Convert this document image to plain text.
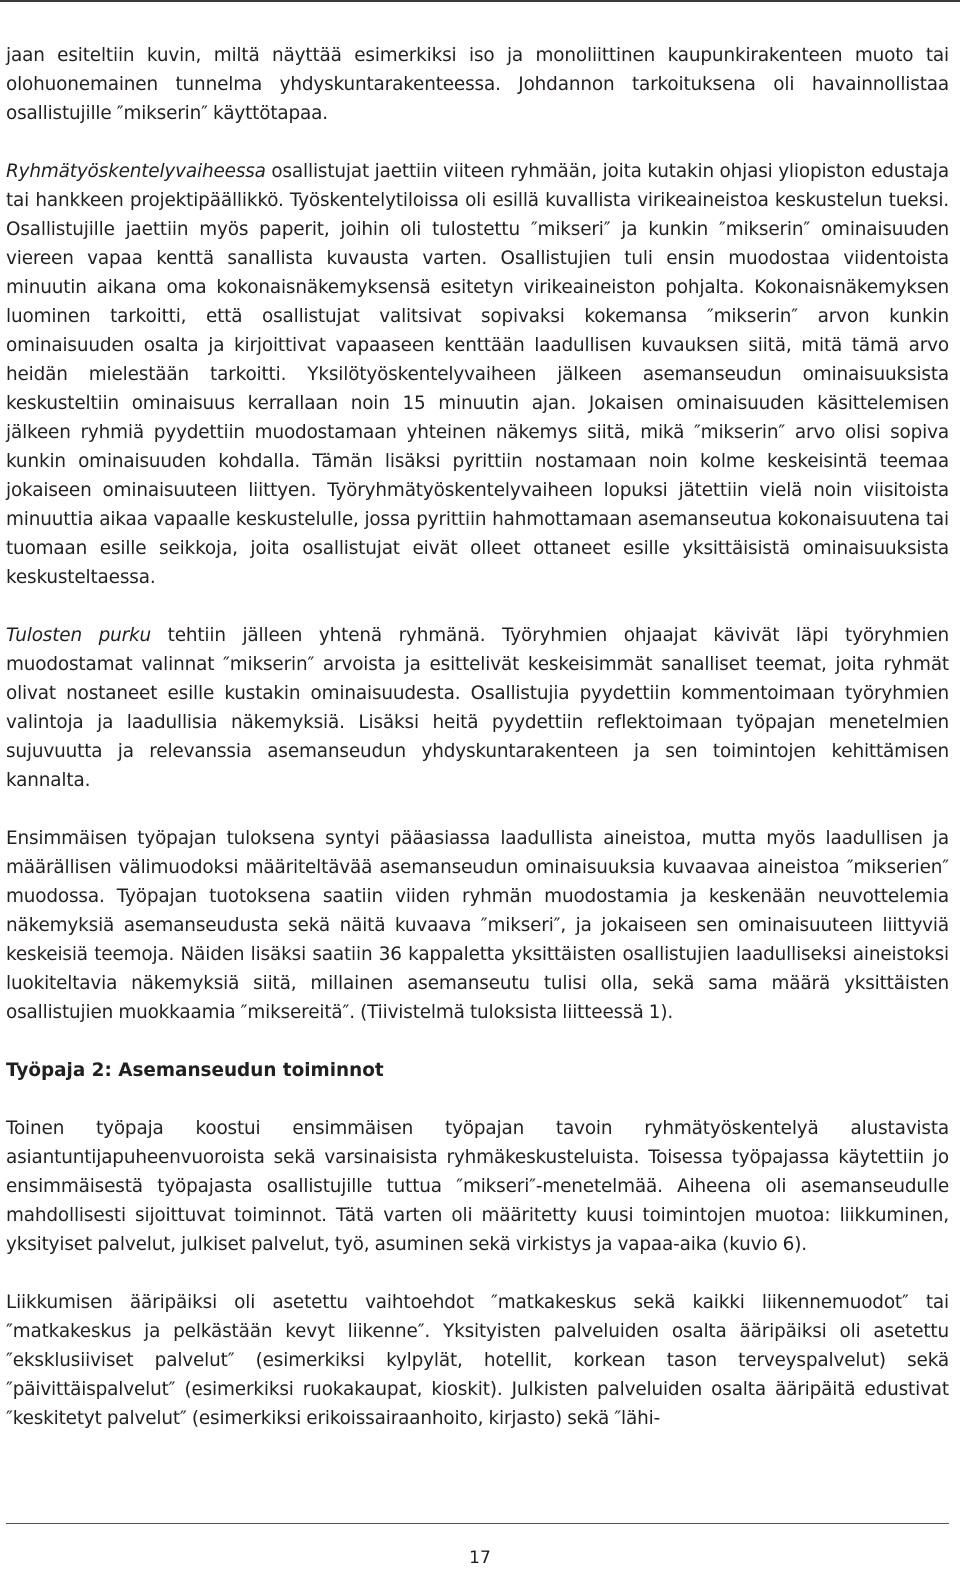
jaan esiteltiin kuvin, miltä näyttää esimerkiksi iso ja monoliittinen kaupunkirakenteen muoto tai olohuonemainen tunnelma yhdyskuntarakenteessa. Johdannon tarkoituksena oli havainnollistaa osallistujille ″mikserin″ käyttötapaa.

Ryhmätyöskentelyvaiheessa osallistujat jaettiin viiteen ryhmään, joita kutakin ohjasi yliopiston edustaja tai hankkeen projektipäällikkö. Työskentelytiloissa oli esillä kuvallista virikeaineistoa keskustelun tueksi. Osallistujille jaettiin myös paperit, joihin oli tulostettu ″mikseri″ ja kunkin ″mikserin″ ominaisuuden viereen vapaa kenttä sanallista kuvausta varten. Osallistujien tuli ensin muodostaa viidentoista minuutin aikana oma kokonaisnäkemyksensä esitetyn virikeaineiston pohjalta. Kokonaisnäkemyksen luominen tarkoitti, että osallistujat valitsivat sopivaksi kokemansa ″mikserin″ arvon kunkin ominaisuuden osalta ja kirjoittivat vapaaseen kenttään laadullisen kuvauksen siitä, mitä tämä arvo heidän mielestään tarkoitti. Yksilötyöskentelyvaiheen jälkeen asemanseudun ominaisuuksista keskusteltiin ominaisuus kerrallaan noin 15 minuutin ajan. Jokaisen ominaisuuden käsittelemisen jälkeen ryhmiä pyydettiin muodostamaan yhteinen näkemys siitä, mikä ″mikserin″ arvo olisi sopiva kunkin ominaisuuden kohdalla. Tämän lisäksi pyrittiin nostamaan noin kolme keskeisintä teemaa jokaiseen ominaisuuteen liittyen. Työryhmätyöskentelyvaiheen lopuksi jätettiin vielä noin viisitoista minuuttia aikaa vapaalle keskustelulle, jossa pyrittiin hahmottamaan asemanseutua kokonaisuutena tai tuomaan esille seikkoja, joita osallistujat eivät olleet ottaneet esille yksittäisistä ominaisuuksista keskusteltaessa.

Tulosten purku tehtiin jälleen yhtenä ryhmänä. Työryhmien ohjaajat kävivät läpi työryhmien muodostamat valinnat ″mikserin″ arvoista ja esittelivät keskeisimmät sanalliset teemat, joita ryhmät olivat nostaneet esille kustakin ominaisuudesta. Osallistujia pyydettiin kommentoimaan työryhmien valintoja ja laadullisia näkemyksiä. Lisäksi heitä pyydettiin reflektoimaan työpajan menetelmien sujuvuutta ja relevanssia asemanseudun yhdyskuntarakenteen ja sen toimintojen kehittämisen kannalta.

Ensimmäisen työpajan tuloksena syntyi pääasiassa laadullista aineistoa, mutta myös laadullisen ja määrällisen välimuodoksi määriteltävää asemanseudun ominaisuuksia kuvaavaa aineistoa ″mikserien″ muodossa. Työpajan tuotoksena saatiin viiden ryhmän muodostamia ja keskenään neuvottelemia näkemyksiä asemanseudusta sekä näitä kuvaava ″mikseri″, ja jokaiseen sen ominaisuuteen liittyviä keskeisiä teemoja. Näiden lisäksi saatiin 36 kappaletta yksittäisten osallistujien laadulliseksi aineistoksi luokiteltavia näkemyksiä siitä, millainen asemanseutu tulisi olla, sekä sama määrä yksittäisten osallistujien muokkaamia ″miksereitä″. (Tiivistelmä tuloksista liitteessä 1).

Työpaja 2: Asemanseudun toiminnot

Toinen työpaja koostui ensimmäisen työpajan tavoin ryhmätyöskentelyä alustavista asiantuntijapuheenvuoroista sekä varsinaisista ryhmäkeskusteluista. Toisessa työpajassa käytettiin jo ensimmäisestä työpajasta osallistujille tuttua ″mikseri″-menetelmää. Aiheena oli asemanseudulle mahdollisesti sijoittuvat toiminnot. Tätä varten oli määritetty kuusi toimintojen muotoa: liikkuminen, yksityiset palvelut, julkiset palvelut, työ, asuminen sekä virkistys ja vapaa-aika (kuvio 6).

Liikkumisen ääripäiksi oli asetettu vaihtoehdot ″matkakeskus sekä kaikki liikennemuodot″ tai ″matkakeskus ja pelkästään kevyt liikenne″. Yksityisten palveluiden osalta ääripäiksi oli asetettu ″eksklusiiviset palvelut″ (esimerkiksi kylpylät, hotellit, korkean tason terveyspalvelut) sekä ″päivittäispalvelut″ (esimerkiksi ruokakaupat, kioskit). Julkisten palveluiden osalta ääripäitä edustivat ″keskitetyt palvelut″ (esimerkiksi erikoissairaanhoito, kirjasto) sekä ″lähi-

17
